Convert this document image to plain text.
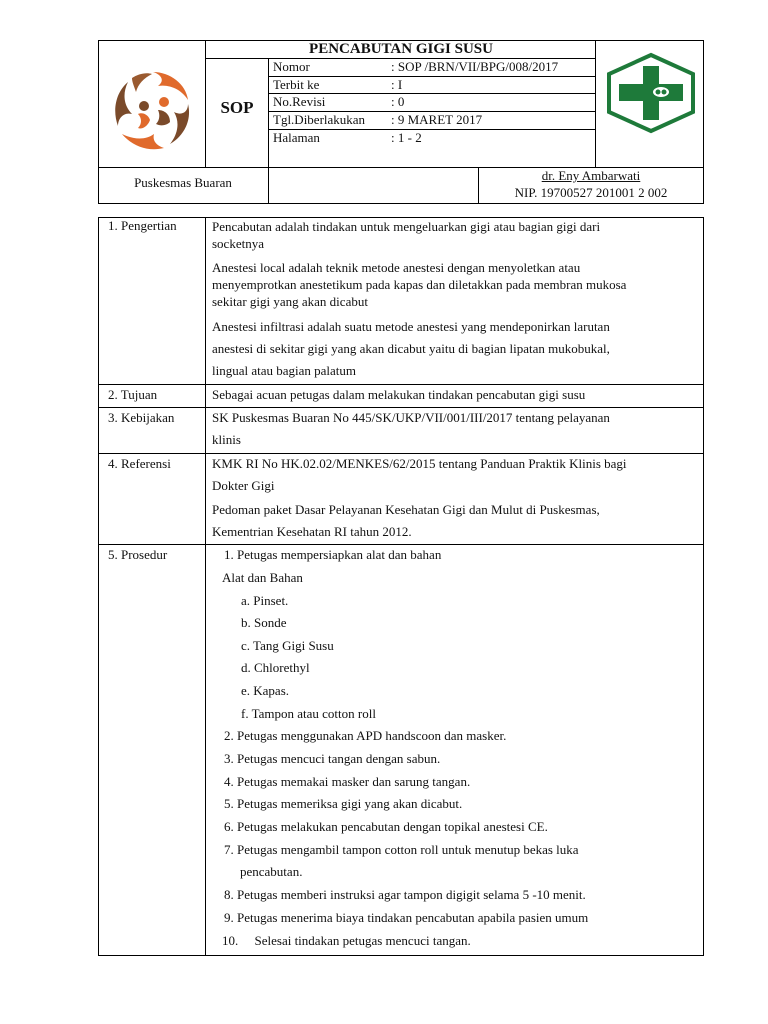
PENCABUTAN GIGI SUSU
SOP
Nomor	: SOP /BRN/VII/BPG/008/2017
Terbit ke	: I
No.Revisi	: 0
Tgl.Diberlakukan : 9 MARET 2017
Halaman	: 1 - 2
Puskesmas Buaran	dr. Eny Ambarwati
NIP. 19700527 201001 2 002
1. Pengertian	Pencabutan adalah tindakan untuk mengeluarkan gigi atau bagian gigi dari
socketnya
Anestesi local adalah teknik metode anestesi dengan menyoletkan atau
menyemprotkan anestetikum pada kapas dan diletakkan pada membran mukosa
sekitar gigi yang akan dicabut
Anestesi infiltrasi adalah suatu metode anestesi yang mendeponirkan larutan
anestesi di sekitar gigi yang akan dicabut yaitu di bagian lipatan mukobukal,
lingual atau bagian palatum
2. Tujuan	Sebagai acuan petugas dalam melakukan tindakan pencabutan gigi susu
3. Kebijakan	SK Puskesmas Buaran No 445/SK/UKP/VII/001/III/2017 tentang pelayanan
klinis
4. Referensi	KMK RI No HK.02.02/MENKES/62/2015 tentang Panduan Praktik Klinis bagi
Dokter Gigi
Pedoman paket Dasar Pelayanan Kesehatan Gigi dan Mulut di Puskesmas,
Kementrian Kesehatan RI tahun 2012.
5. Prosedur	1. Petugas mempersiapkan alat dan bahan
Alat dan Bahan
a. Pinset.
b. Sonde
c. Tang Gigi Susu
d. Chlorethyl
e. Kapas.
f. Tampon atau cotton roll
2. Petugas menggunakan APD handscoon dan masker.
3. Petugas mencuci tangan dengan sabun.
4. Petugas memakai masker dan sarung tangan.
5. Petugas memeriksa gigi yang akan dicabut.
6. Petugas melakukan pencabutan dengan topikal anestesi CE.
7. Petugas mengambil tampon cotton roll untuk menutup bekas luka
pencabutan.
8. Petugas memberi instruksi agar tampon digigit selama 5 -10 menit.
9. Petugas menerima biaya tindakan pencabutan apabila pasien umum
10.     Selesai tindakan petugas mencuci tangan.
